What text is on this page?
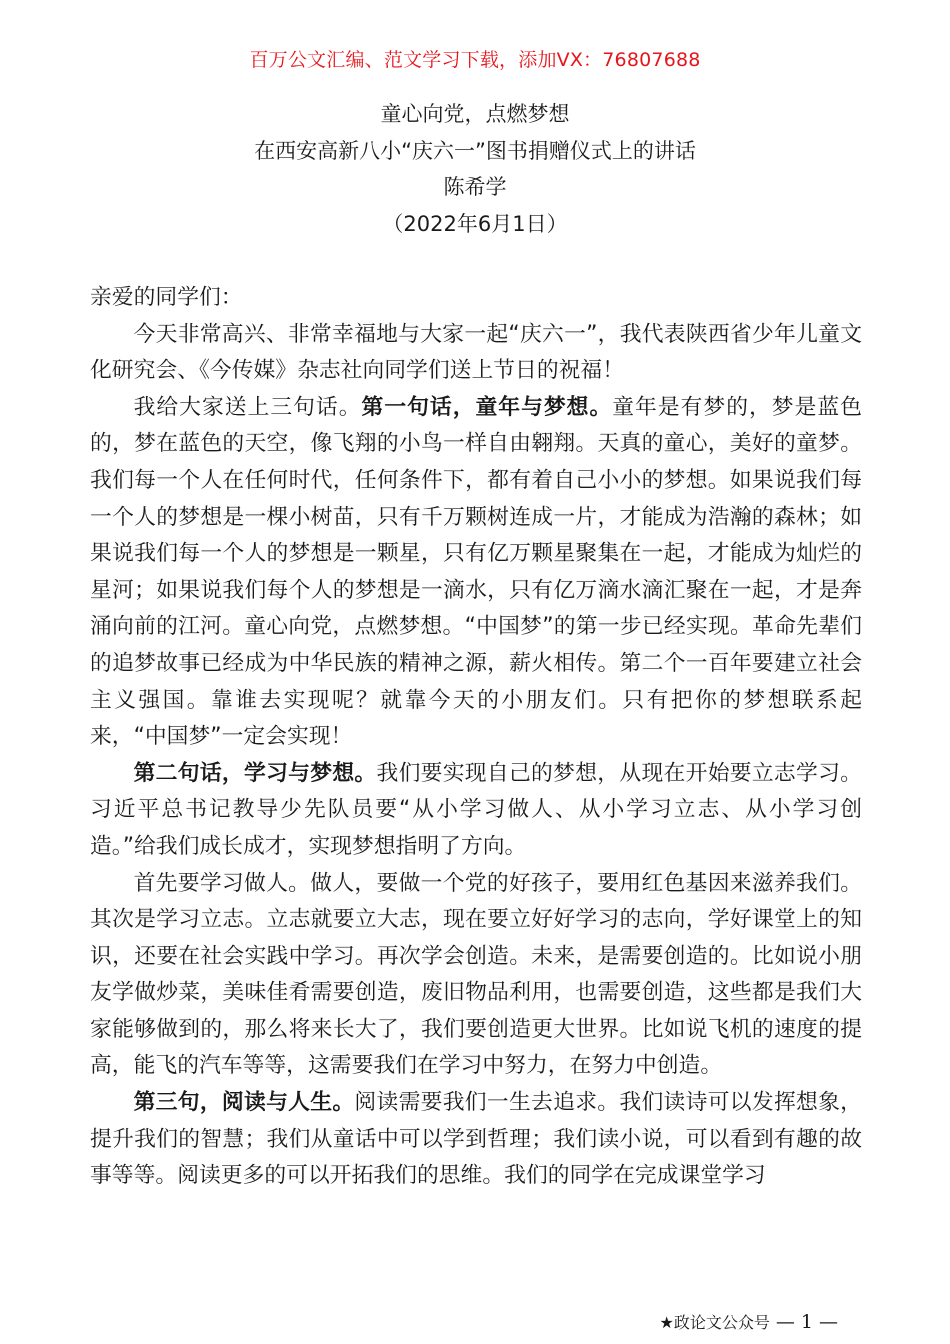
百万公文汇编、范文学习下载，添加VX：76807688
童心向党，点燃梦想
在西安高新八小“庆六一”图书捐赠仪式上的讲话
陈希学
（2022年6月1日）

亲爱的同学们：

今天非常高兴、非常幸福地与大家一起“庆六一”，我代表陕西省少年儿童文化研究会、《今传媒》杂志社向同学们送上节日的祝福！

我给大家送上三句话。第一句话，童年与梦想。童年是有梦的，梦是蓝色的，梦在蓝色的天空，像飞翔的小鸟一样自由翱翔。天真的童心，美好的童梦。我们每一个人在任何时代，任何条件下，都有着自己小小的梦想。如果说我们每一个人的梦想是一棵小树苗，只有千万颗树连成一片，才能成为浩瀚的森林；如果说我们每一个人的梦想是一颗星，只有亿万颗星聚集在一起，才能成为灿烂的星河；如果说我们每个人的梦想是一滴水，只有亿万滴水滴汇聚在一起，才是奔涌向前的江河。童心向党，点燃梦想。“中国梦”的第一步已经实现。革命先辈们的追梦故事已经成为中华民族的精神之源，薪火相传。第二个一百年要建立社会主义强国。靠谁去实现呢？就靠今天的小朋友们。只有把你的梦想联系起来，“中国梦”一定会实现！

第二句话，学习与梦想。我们要实现自己的梦想，从现在开始要立志学习。习近平总书记教导少先队员要“从小学习做人、从小学习立志、从小学习创造。”给我们成长成才，实现梦想指明了方向。

首先要学习做人。做人，要做一个党的好孩子，要用红色基因来滋养我们。其次是学习立志。立志就要立大志，现在要立好好学习的志向，学好课堂上的知识，还要在社会实践中学习。再次学会创造。未来，是需要创造的。比如说小朋友学做炒菜，美味佳肴需要创造，废旧物品利用，也需要创造，这些都是我们大家能够做到的，那么将来长大了，我们要创造更大世界。比如说飞机的速度的提高，能飞的汽车等等，这需要我们在学习中努力，在努力中创造。

第三句，阅读与人生。阅读需要我们一生去追求。我们读诗可以发挥想象，提升我们的智慧；我们从童话中可以学到哲理；我们读小说，可以看到有趣的故事等等。阅读更多的可以开拓我们的思维。我们的同学在完成课堂学习

★政论文公众号 — 1 —
